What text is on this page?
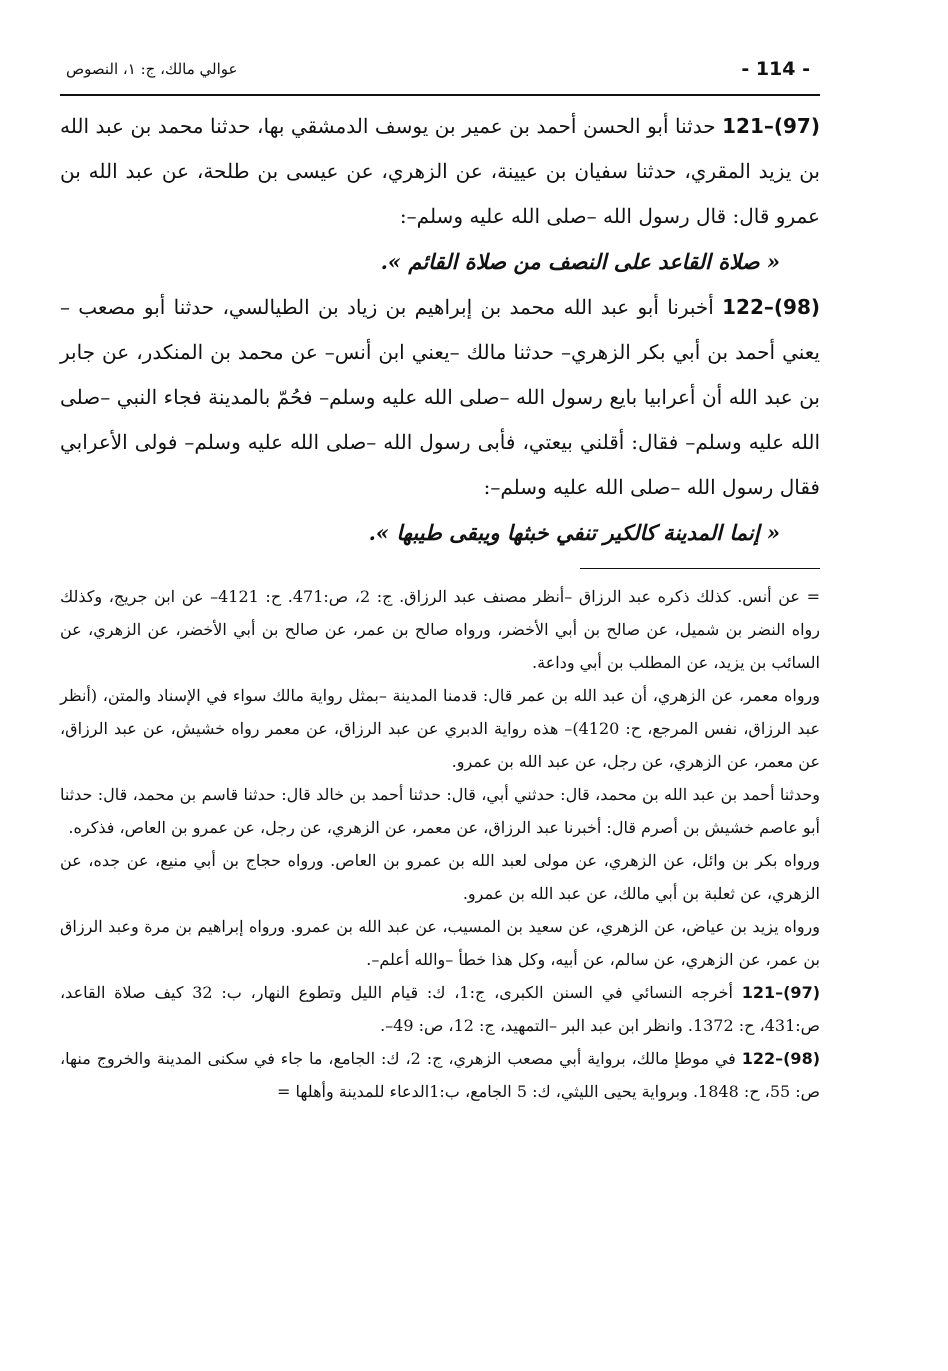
- 114 -
عوالي مالك، ج: ١، النصوص

121–(97) حدثنا أبو الحسن أحمد بن عمير بن يوسف الدمشقي بها، حدثنا محمد بن عبد الله بن يزيد المقري، حدثنا سفيان بن عيينة، عن الزهري، عن عيسى بن طلحة، عن عبد الله بن عمرو قال: قال رسول الله –صلى الله عليه وسلم–:

« صلاة القاعد على النصف من صلاة القائم ».

122–(98) أخبرنا أبو عبد الله محمد بن إبراهيم بن زياد بن الطيالسي، حدثنا أبو مصعب –يعني أحمد بن أبي بكر الزهري– حدثنا مالك –يعني ابن أنس– عن محمد بن المنكدر، عن جابر بن عبد الله أن أعرابيا بايع رسول الله –صلى الله عليه وسلم– فحُمّ بالمدينة فجاء النبي –صلى الله عليه وسلم– فقال: أقلني بيعتي، فأبى رسول الله –صلى الله عليه وسلم– فولى الأعرابي فقال رسول الله –صلى الله عليه وسلم–:

« إنما المدينة كالكير تنفي خبثها ويبقى طيبها ».

= عن أنس. كذلك ذكره عبد الرزاق –أنظر مصنف عبد الرزاق. ج: 2، ص:471. ح: 4121– عن ابن جريج، وكذلك رواه النضر بن شميل، عن صالح بن أبي الأخضر، ورواه صالح بن عمر، عن صالح بن أبي الأخضر، عن الزهري، عن السائب بن يزيد، عن المطلب بن أبي وداعة.

ورواه معمر، عن الزهري، أن عبد الله بن عمر قال: قدمنا المدينة –بمثل رواية مالك سواء في الإسناد والمتن، (أنظر عبد الرزاق، نفس المرجع، ح: 4120)– هذه رواية الدبري عن عبد الرزاق، عن معمر رواه خشيش، عن عبد الرزاق، عن معمر، عن الزهري، عن رجل، عن عبد الله بن عمرو.

وحدثنا أحمد بن عبد الله بن محمد، قال: حدثني أبي، قال: حدثنا أحمد بن خالد قال: حدثنا قاسم بن محمد، قال: حدثنا أبو عاصم خشيش بن أصرم قال: أخبرنا عبد الرزاق، عن معمر، عن الزهري، عن رجل، عن عمرو بن العاص، فذكره.

ورواه بكر بن وائل، عن الزهري، عن مولى لعبد الله بن عمرو بن العاص. ورواه حجاج بن أبي منيع، عن جده، عن الزهري، عن ثعلبة بن أبي مالك، عن عبد الله بن عمرو.

ورواه يزيد بن عياض، عن الزهري، عن سعيد بن المسيب، عن عبد الله بن عمرو. ورواه إبراهيم بن مرة وعبد الرزاق بن عمر، عن الزهري، عن سالم، عن أبيه، وكل هذا خطأ –والله أعلم–.

121–(97) أخرجه النسائي في السنن الكبرى، ج:1، ك: قيام الليل وتطوع النهار، ب: 32 كيف صلاة القاعد، ص:431، ح: 1372. وانظر ابن عبد البر –التمهيد، ج: 12، ص: 49–.

122–(98) في موطإ مالك، برواية أبي مصعب الزهري، ج: 2، ك: الجامع، ما جاء في سكنى المدينة والخروج منها، ص: 55، ح: 1848. وبرواية يحيى الليثي، ك: 5 الجامع، ب:1الدعاء للمدينة وأهلها =
